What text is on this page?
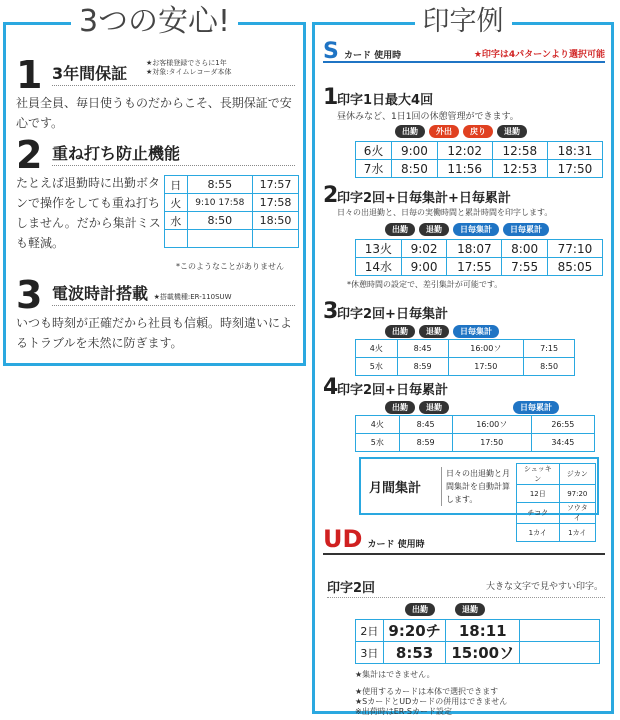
3つの安心!
1 3年間保証
★お客様登録でさらに1年
★対象:タイムレコーダ本体
社員全員、毎日使うものだからこそ、長期保証で安心です。
2 重ね打ち防止機能
たとえば退勤時に出勤ボタンで操作をしても重ね打ちしません。だから集計ミスも軽減。
日	8:55	17:57
火	9:10 17:58	17:58
水	8:50	18:50

*このようなことがありません
3 電波時計搭載 ★搭載機種:ER-110SUW
いつも時刻が正確だから社員も信頼。時刻違いによるトラブルを未然に防ぎます。
印字例
S カード 使用時	★印字は4パターンより選択可能
1
印字1日最大4回
昼休みなど、1日1回の休憩管理ができます。
出勤	外出	戻り	退勤
6火	9:00	12:02	12:58	18:31
7水	8:50	11:56	12:53	17:50
2
印字2回+日毎集計+日毎累計
日々の出退勤と、日毎の実働時間と累計時間を印字します。
出勤	退勤	日毎集計	日毎累計
13火	9:02	18:07	8:00	77:10
14水	9:00	17:55	7:55	85:05
*休憩時間の設定で、差引集計が可能です。
3
印字2回+日毎集計
出勤	退勤	日毎集計
4火	8:45	16:00ソ	7:15
5水	8:59	17:50	8:50
4
印字2回+日毎累計
出勤	退勤	日毎累計
4火	8:45	16:00ソ	26:55
5水	8:59	17:50	34:45
月間集計
日々の出退勤と月間集計を自動計算します。
シュッキン	ジカン
12日	97:20
チコク	ソウタイ
1カイ	1カイ
UD カード 使用時
印字2回	大きな文字で見やすい印字。
出勤	退勤
2日	9:20チ	18:11	
3日	8:53	15:00ソ	
★集計はできません。
★使用するカードは本体で選択できます
★SカードとUDカードの併用はできません
※出荷時はER-Sカード設定
